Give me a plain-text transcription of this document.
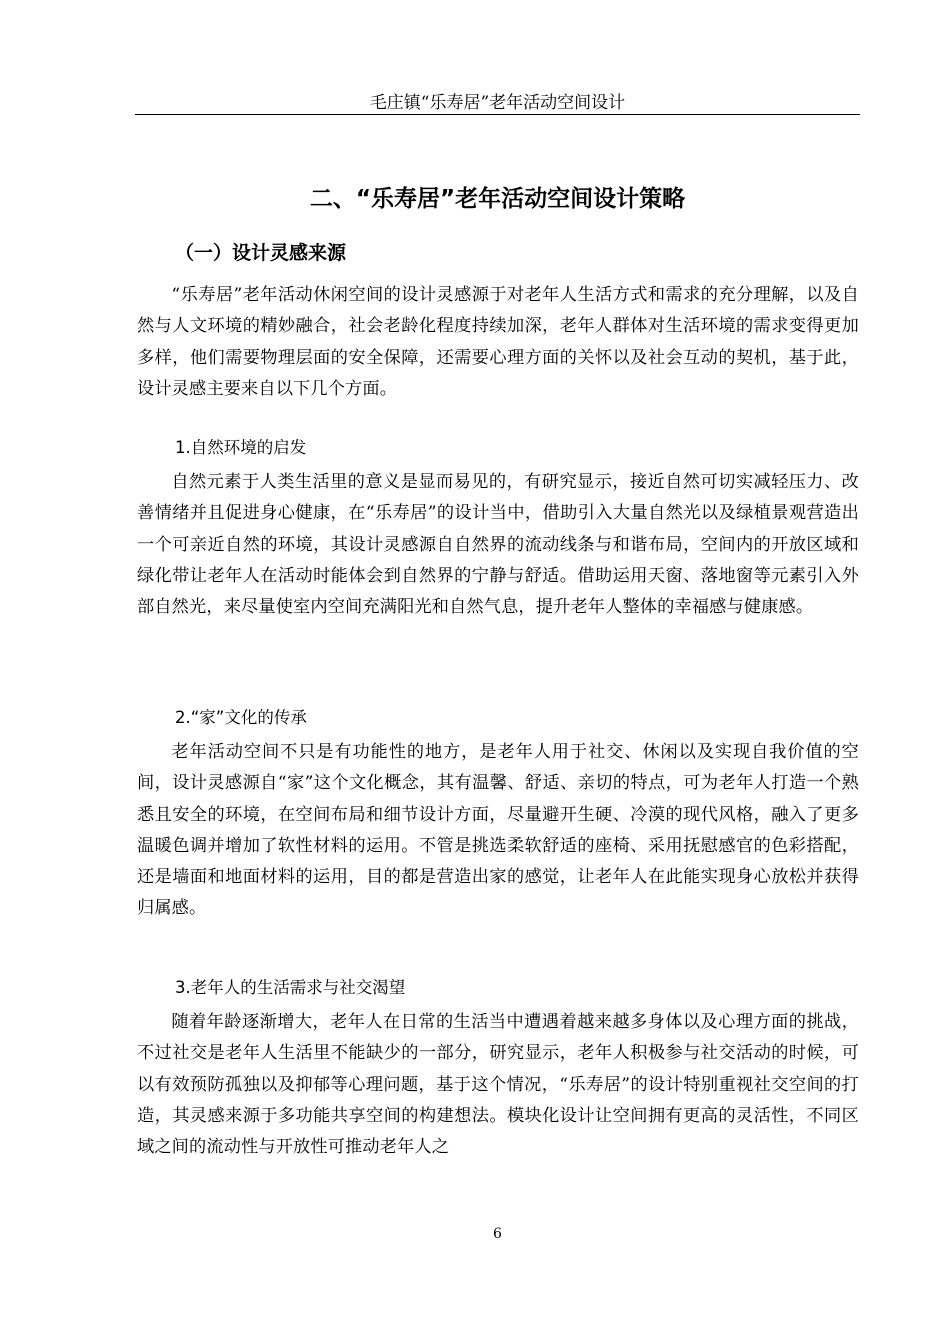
毛庄镇“乐寿居”老年活动空间设计
二、“乐寿居”老年活动空间设计策略
（一）设计灵感来源

“乐寿居”老年活动休闲空间的设计灵感源于对老年人生活方式和需求的充分理解，以及自然与人文环境的精妙融合，社会老龄化程度持续加深，老年人群体对生活环境的需求变得更加多样，他们需要物理层面的安全保障，还需要心理方面的关怀以及社会互动的契机，基于此，设计灵感主要来自以下几个方面。

1.自然环境的启发

自然元素于人类生活里的意义是显而易见的，有研究显示，接近自然可切实减轻压力、改善情绪并且促进身心健康，在“乐寿居”的设计当中，借助引入大量自然光以及绿植景观营造出一个可亲近自然的环境，其设计灵感源自自然界的流动线条与和谐布局，空间内的开放区域和绿化带让老年人在活动时能体会到自然界的宁静与舒适。借助运用天窗、落地窗等元素引入外部自然光，来尽量使室内空间充满阳光和自然气息，提升老年人整体的幸福感与健康感。

2.“家”文化的传承

老年活动空间不只是有功能性的地方，是老年人用于社交、休闲以及实现自我价值的空间，设计灵感源自“家”这个文化概念，其有温馨、舒适、亲切的特点，可为老年人打造一个熟悉且安全的环境，在空间布局和细节设计方面，尽量避开生硬、冷漠的现代风格，融入了更多温暖色调并增加了软性材料的运用。不管是挑选柔软舒适的座椅、采用抚慰感官的色彩搭配，还是墙面和地面材料的运用，目的都是营造出家的感觉，让老年人在此能实现身心放松并获得归属感。

3.老年人的生活需求与社交渴望

随着年龄逐渐增大，老年人在日常的生活当中遭遇着越来越多身体以及心理方面的挑战，不过社交是老年人生活里不能缺少的一部分，研究显示，老年人积极参与社交活动的时候，可以有效预防孤独以及抑郁等心理问题，基于这个情况，“乐寿居”的设计特别重视社交空间的打造，其灵感来源于多功能共享空间的构建想法。模块化设计让空间拥有更高的灵活性，不同区域之间的流动性与开放性可推动老年人之

6
